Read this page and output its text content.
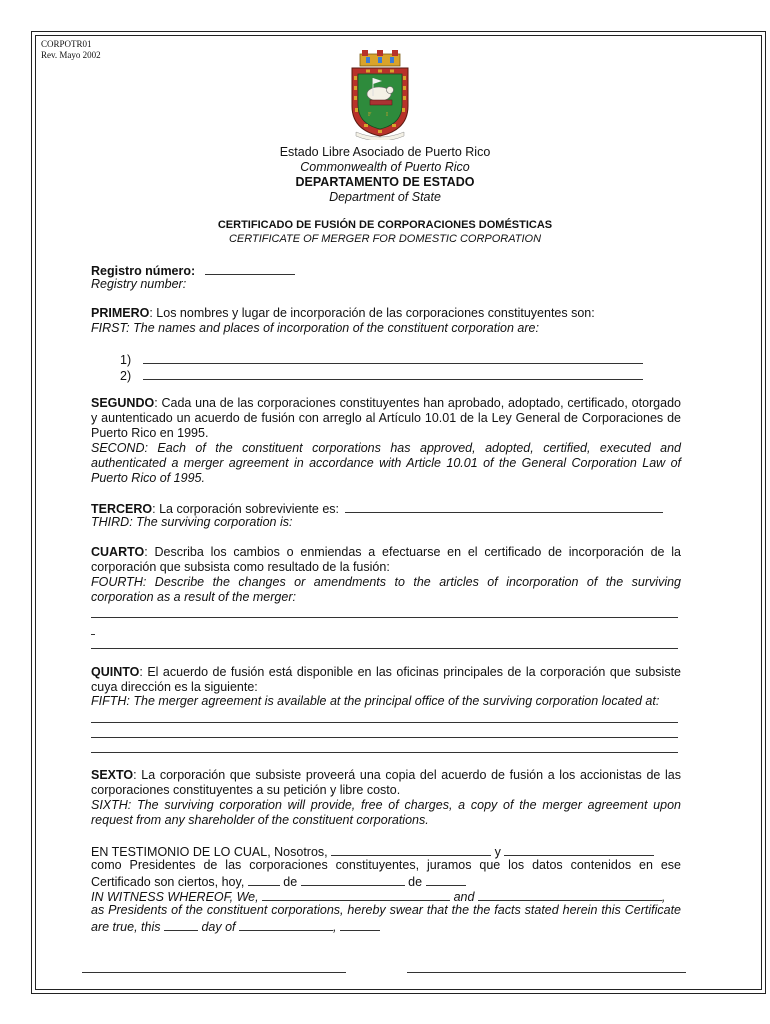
CORPOTR01
Rev. Mayo 2002
F I
Estado Libre Asociado de Puerto Rico
Commonwealth of Puerto Rico
DEPARTAMENTO DE ESTADO
Department of State
CERTIFICADO DE FUSIÓN DE CORPORACIONES DOMÉSTICAS
CERTIFICATE OF MERGER FOR DOMESTIC CORPORATION
Registro número:
Registry number:
PRIMERO: Los nombres y lugar de incorporación de las corporaciones constituyentes son:
FIRST: The names and places of incorporation of the constituent corporation are:
1)
2)
SEGUNDO: Cada una de las corporaciones constituyentes han aprobado, adoptado, certificado, otorgado
y auntenticado un acuerdo de fusión con arreglo al Artículo 10.01 de la Ley General de Corporaciones de
Puerto Rico en 1995.
SECOND: Each of the constituent corporations has approved, adopted, certified, executed and
authenticated a merger agreement in accordance with Article 10.01 of the General Corporation Law of
Puerto Rico of 1995.
TERCERO: La corporación sobreviviente es:
THIRD: The surviving corporation is:
CUARTO: Describa los cambios o enmiendas a efectuarse en el certificado de incorporación de la
corporación que subsista como resultado de la fusión:
FOURTH: Describe the changes or amendments to the articles of incorporation of the surviving
corporation as a result of the merger:
QUINTO: El acuerdo de fusión está disponible en las oficinas principales de la corporación que subsiste
cuya dirección es la siguiente:
FIFTH: The merger agreement is available at the principal office of the surviving corporation located at:
SEXTO: La corporación que subsiste proveerá una copia del acuerdo de fusión a los accionistas de las
corporaciones constituyentes a su petición y libre costo.
SIXTH: The surviving corporation will provide, free of charges, a copy of the merger agreement upon
request from any shareholder of the constituent corporations.
EN TESTIMONIO DE LO CUAL, Nosotros,	y
como Presidentes de las corporaciones constituyentes, juramos que los datos contenidos en ese
Certificado son ciertos, hoy,	de	de
IN WITNESS WHEREOF, We,	and	,
as Presidents of the constituent corporations, hereby swear that the the facts stated herein this Certificate
are true, this	day of	,
